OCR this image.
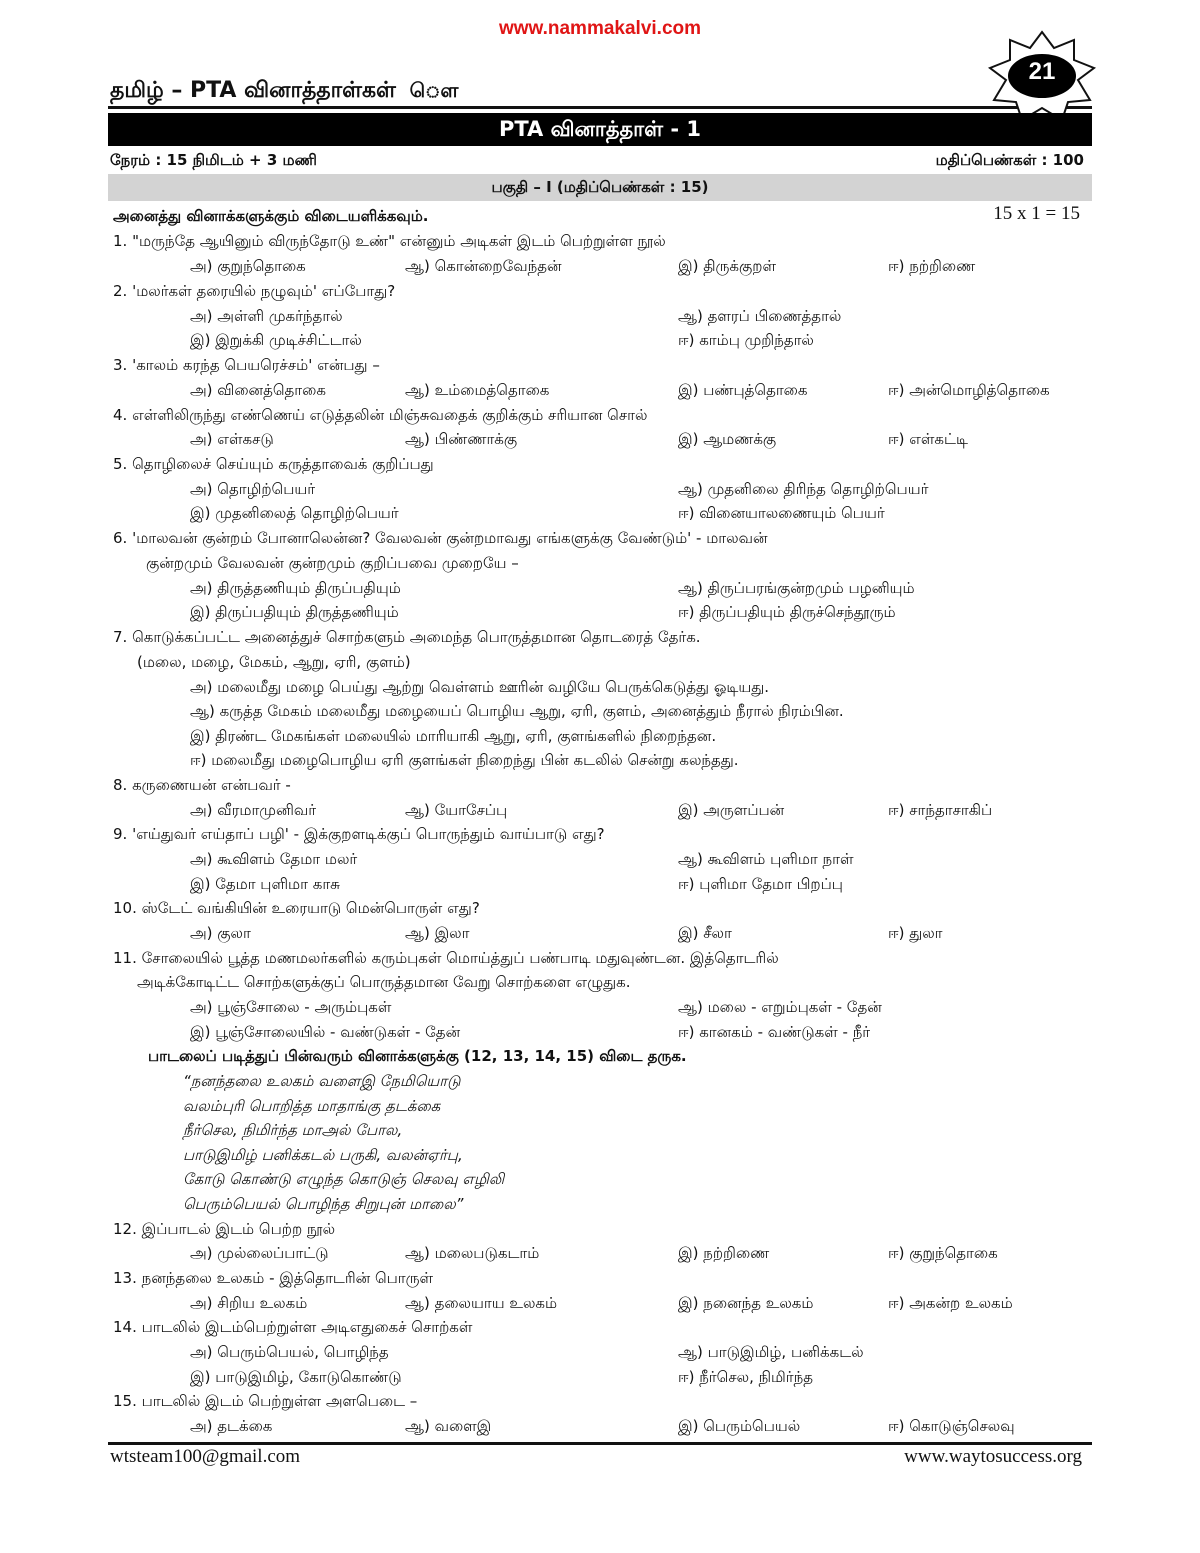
www.nammakalvi.com
தமிழ் – PTA வினாத்தாள்கள் ௌ
21
PTA வினாத்தாள் - 1
நேரம் : 15 நிமிடம் + 3 மணி	மதிப்பெண்கள் : 100
பகுதி – I (மதிப்பெண்கள் : 15)
அனைத்து வினாக்களுக்கும் விடையளிக்கவும்.	15 x 1 = 15
1. "மருந்தே ஆயினும் விருந்தோடு உண்" என்னும் அடிகள் இடம் பெற்றுள்ள நூல்
அ) குறுந்தொகை	ஆ) கொன்றைவேந்தன்	இ) திருக்குறள்	ஈ) நற்றிணை
2. 'மலர்கள் தரையில் நழுவும்' எப்போது?
அ) அள்ளி முகர்ந்தால்	ஆ) தளரப் பிணைத்தால்
இ) இறுக்கி முடிச்சிட்டால்	ஈ) காம்பு முறிந்தால்
3. 'காலம் கரந்த பெயரெச்சம்' என்பது –
அ) வினைத்தொகை	ஆ) உம்மைத்தொகை	இ) பண்புத்தொகை	ஈ) அன்மொழித்தொகை
4. எள்ளிலிருந்து எண்ணெய் எடுத்தலின் மிஞ்சுவதைக் குறிக்கும் சரியான சொல்
அ) எள்கசடு	ஆ) பிண்ணாக்கு	இ) ஆமணக்கு	ஈ) எள்கட்டி
5. தொழிலைச் செய்யும் கருத்தாவைக் குறிப்பது
அ) தொழிற்பெயர்	ஆ) முதனிலை திரிந்த தொழிற்பெயர்
இ) முதனிலைத் தொழிற்பெயர்	ஈ) வினையாலணையும் பெயர்
6. 'மாலவன் குன்றம் போனாலென்ன? வேலவன் குன்றமாவது எங்களுக்கு வேண்டும்' - மாலவன்
குன்றமும் வேலவன் குன்றமும் குறிப்பவை முறையே –
அ) திருத்தணியும் திருப்பதியும்	ஆ) திருப்பரங்குன்றமும் பழனியும்
இ) திருப்பதியும் திருத்தணியும்	ஈ) திருப்பதியும் திருச்செந்தூரும்
7. கொடுக்கப்பட்ட அனைத்துச் சொற்களும் அமைந்த பொருத்தமான தொடரைத் தேர்க.
(மலை, மழை, மேகம், ஆறு, ஏரி, குளம்)
அ) மலைமீது மழை பெய்து ஆற்று வெள்ளம் ஊரின் வழியே பெருக்கெடுத்து ஓடியது.
ஆ) கருத்த மேகம் மலைமீது மழையைப் பொழிய ஆறு, ஏரி, குளம், அனைத்தும் நீரால் நிரம்பின.
இ) திரண்ட மேகங்கள் மலையில் மாரியாகி ஆறு, ஏரி, குளங்களில் நிறைந்தன.
ஈ) மலைமீது மழைபொழிய ஏரி குளங்கள் நிறைந்து பின் கடலில் சென்று கலந்தது.
8. கருணையன் என்பவர் -
அ) வீரமாமுனிவர்	ஆ) யோசேப்பு	இ) அருளப்பன்	ஈ) சாந்தாசாகிப்
9. 'எய்துவர் எய்தாப் பழி' - இக்குறளடிக்குப் பொருந்தும் வாய்பாடு எது?
அ) கூவிளம் தேமா மலர்	ஆ) கூவிளம் புளிமா நாள்
இ) தேமா புளிமா காசு	ஈ) புளிமா தேமா பிறப்பு
10. ஸ்டேட் வங்கியின் உரையாடு மென்பொருள் எது?
அ) குலா	ஆ) இலா	இ) சீலா	ஈ) துலா
11. சோலையில் பூத்த மணமலர்களில் கரும்புகள் மொய்த்துப் பண்பாடி மதுவுண்டன. இத்தொடரில்
அடிக்கோடிட்ட சொற்களுக்குப் பொருத்தமான வேறு சொற்களை எழுதுக.
அ) பூஞ்சோலை - அரும்புகள்	ஆ) மலை - எறும்புகள் - தேன்
இ) பூஞ்சோலையில் - வண்டுகள் - தேன்	ஈ) கானகம் - வண்டுகள் - நீர்
பாடலைப் படித்துப் பின்வரும் வினாக்களுக்கு (12, 13, 14, 15) விடை தருக.
“நனந்தலை உலகம் வளைஇ நேமியொடு
வலம்புரி பொறித்த மாதாங்கு தடக்கை
நீர்செல, நிமிர்ந்த மாஅல் போல,
பாடுஇமிழ் பனிக்கடல் பருகி, வலன்ஏர்பு,
கோடு கொண்டு எழுந்த கொடுஞ் செலவு எழிலி
பெரும்பெயல் பொழிந்த சிறுபுன் மாலை”
12. இப்பாடல் இடம் பெற்ற நூல்
அ) முல்லைப்பாட்டு	ஆ) மலைபடுகடாம்	இ) நற்றிணை	ஈ) குறுந்தொகை
13. நனந்தலை உலகம் - இத்தொடரின் பொருள்
அ) சிறிய உலகம்	ஆ) தலையாய உலகம்	இ) நனைந்த உலகம்	ஈ) அகன்ற உலகம்
14. பாடலில் இடம்பெற்றுள்ள அடிஎதுகைச் சொற்கள்
அ) பெரும்பெயல், பொழிந்த	ஆ) பாடுஇமிழ், பனிக்கடல்
இ) பாடுஇமிழ், கோடுகொண்டு	ஈ) நீர்செல, நிமிர்ந்த
15. பாடலில் இடம் பெற்றுள்ள அளபெடை –
அ) தடக்கை	ஆ) வளைஇ	இ) பெரும்பெயல்	ஈ) கொடுஞ்செலவு
wtsteam100@gmail.com	www.waytosuccess.org
